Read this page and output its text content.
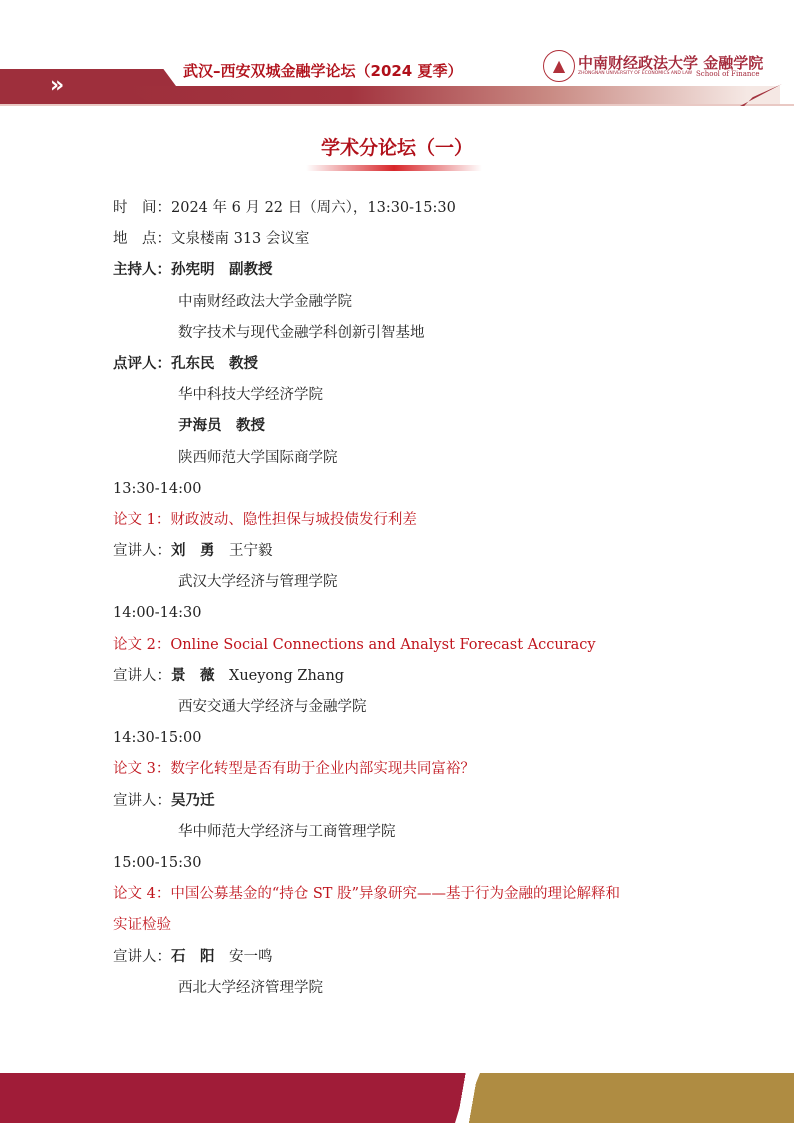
»
武汉–西安双城金融学论坛（2024 夏季）	▲ 中南财经政法大学 金融学院
ZHONGNAN UNIVERSITY OF ECONOMICS AND LAW School of Finance
学术分论坛（一）
时　间：2024 年 6 月 22 日（周六），13:30-15:30
地　点：文泉楼南 313 会议室
主持人：孙宪明　副教授
中南财经政法大学金融学院
数字技术与现代金融学科创新引智基地
点评人：孔东民　教授
华中科技大学经济学院
尹海员　教授
陕西师范大学国际商学院
13:30-14:00
论文 1：财政波动、隐性担保与城投债发行利差
宣讲人：刘　勇  王宁毅
武汉大学经济与管理学院
14:00-14:30
论文 2：Online Social Connections and Analyst Forecast Accuracy
宣讲人：景　薇  Xueyong Zhang
西安交通大学经济与金融学院
14:30-15:00
论文 3：数字化转型是否有助于企业内部实现共同富裕？
宣讲人：吴乃迁 
华中师范大学经济与工商管理学院
15:00-15:30
论文 4：中国公募基金的“持仓 ST 股”异象研究——基于行为金融的理论解释和
实证检验
宣讲人：石　阳  安一鸣
西北大学经济管理学院
